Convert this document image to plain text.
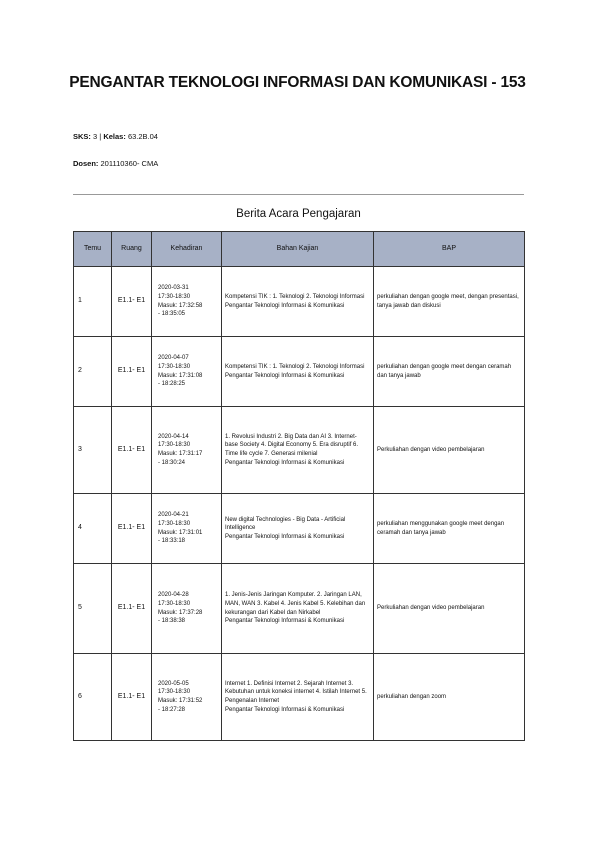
PENGANTAR TEKNOLOGI INFORMASI DAN KOMUNIKASI - 153
SKS: 3 | Kelas: 63.2B.04
Dosen: 201110360- CMA
Berita Acara Pengajaran
Temu	Ruang	Kehadiran	Bahan Kajian	BAP
1	E1.1- E1	2020-03-31
17:30-18:30
Masuk: 17:32:58
- 18:35:05	Kompetensi TIK : 1. Teknologi 2. Teknologi Informasi
Pengantar Teknologi Informasi & Komunikasi	perkuliahan dengan google meet, dengan presentasi, tanya jawab dan diskusi
2	E1.1- E1	2020-04-07
17:30-18:30
Masuk: 17:31:08
- 18:28:25	Kompetensi TIK : 1. Teknologi 2. Teknologi Informasi
Pengantar Teknologi Informasi & Komunikasi	perkuliahan dengan google meet dengan ceramah dan tanya jawab
3	E1.1- E1	2020-04-14
17:30-18:30
Masuk: 17:31:17
- 18:30:24	1. Revolusi Industri 2. Big Data dan AI 3. Internet-base Society 4. Digital Economy 5. Era disruptif 6. Time life cycle 7. Generasi milenial
Pengantar Teknologi Informasi & Komunikasi	Perkuliahan dengan video pembelajaran
4	E1.1- E1	2020-04-21
17:30-18:30
Masuk: 17:31:01
- 18:33:18	New digital Technologies - Big Data - Artificial Intelligence
Pengantar Teknologi Informasi & Komunikasi	perkuliahan menggunakan google meet dengan ceramah dan tanya jawab
5	E1.1- E1	2020-04-28
17:30-18:30
Masuk: 17:37:28
- 18:38:38	1. Jenis-Jenis Jaringan Komputer. 2. Jaringan LAN, MAN, WAN 3. Kabel 4. Jenis Kabel 5. Kelebihan dan kekurangan dari Kabel dan Nirkabel
Pengantar Teknologi Informasi & Komunikasi	Perkuliahan dengan video pembelajaran
6	E1.1- E1	2020-05-05
17:30-18:30
Masuk: 17:31:52
- 18:27:28	Internet 1. Definisi Internet 2. Sejarah Internet 3. Kebutuhan untuk koneksi internet 4. Istilah Internet 5. Pengenalan Internet
Pengantar Teknologi Informasi & Komunikasi	perkuliahan dengan zoom
